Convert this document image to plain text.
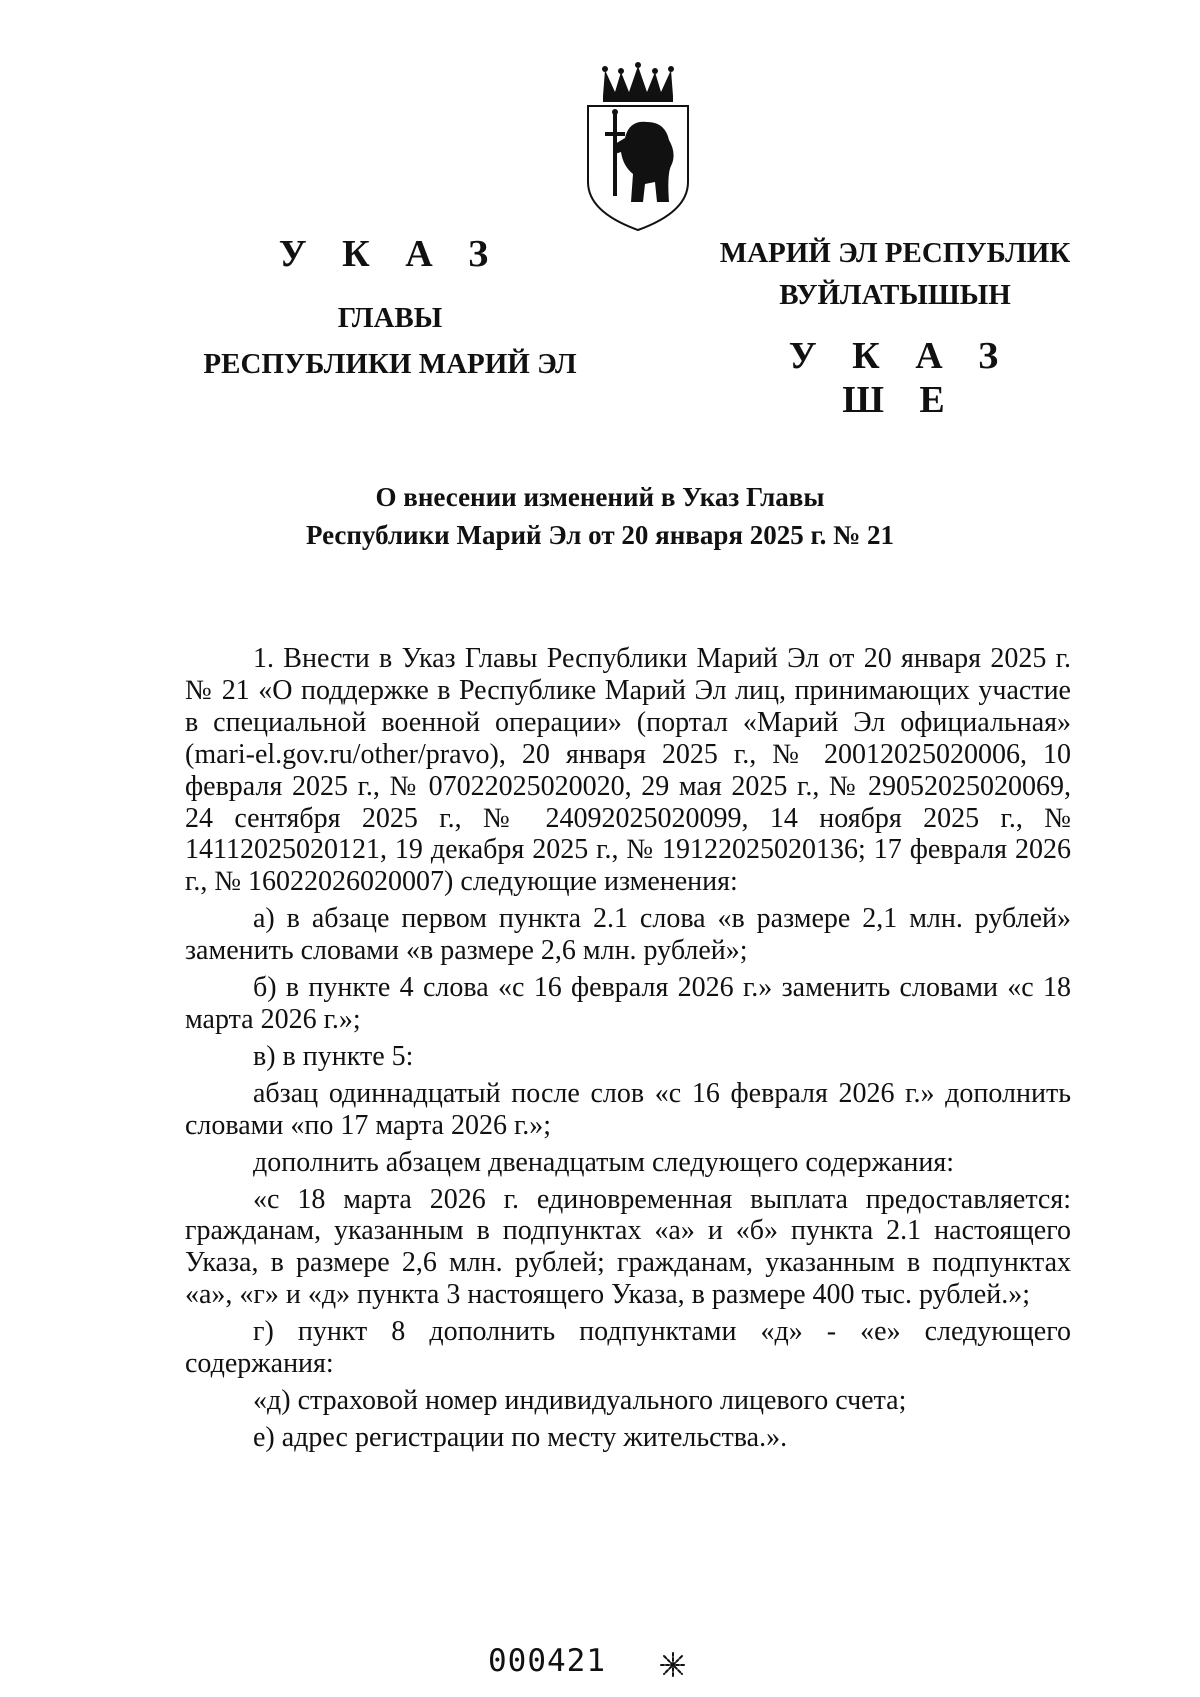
У К А З
ГЛАВЫ
РЕСПУБЛИКИ МАРИЙ ЭЛ
МАРИЙ ЭЛ РЕСПУБЛИК
ВУЙЛАТЫШЫН
У К А З Ш Е
О внесении изменений в Указ Главы
Республики Марий Эл от 20 января 2025 г. № 21

1. Внести в Указ Главы Республики Марий Эл от 20 января 2025 г. № 21 «О поддержке в Республике Марий Эл лиц, принимающих участие в специальной военной операции» (портал «Марий Эл официальная» (mari-el.gov.ru/other/pravo), 20 января 2025 г., № 20012025020006, 10 февраля 2025 г., № 07022025020020, 29 мая 2025 г., № 29052025020069, 24 сентября 2025 г., № 24092025020099, 14 ноября 2025 г., № 14112025020121, 19 декабря 2025 г., № 19122025020136; 17 февраля 2026 г., № 16022026020007) следующие изменения:

а) в абзаце первом пункта 2.1 слова «в размере 2,1 млн. рублей» заменить словами «в размере 2,6 млн. рублей»;

б) в пункте 4 слова «с 16 февраля 2026 г.» заменить словами «с 18 марта 2026 г.»;

в) в пункте 5:

абзац одиннадцатый после слов «с 16 февраля 2026 г.» дополнить словами «по 17 марта 2026 г.»;

дополнить абзацем двенадцатым следующего содержания:

«с 18 марта 2026 г. единовременная выплата предоставляется: гражданам, указанным в подпунктах «а» и «б» пункта 2.1 настоящего Указа, в размере 2,6 млн. рублей; гражданам, указанным в подпунктах «а», «г» и «д» пункта 3 настоящего Указа, в размере 400 тыс. рублей.»;

г) пункт 8 дополнить подпунктами «д» - «е» следующего содержания:

«д) страховой номер индивидуального лицевого счета;

е) адрес регистрации по месту жительства.».

000421
